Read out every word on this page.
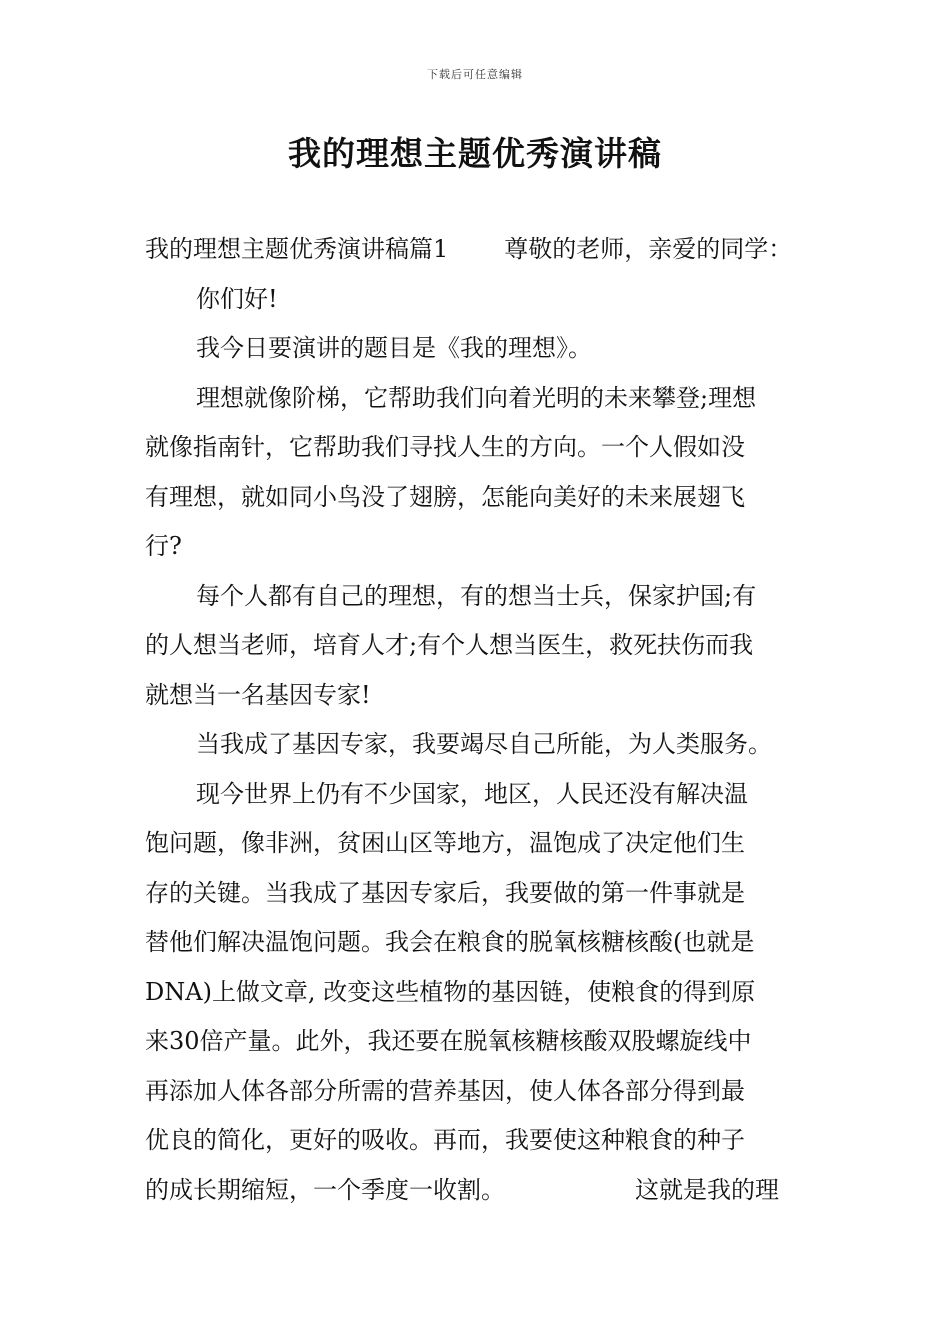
下载后可任意编辑
我的理想主题优秀演讲稿
我的理想主题优秀演讲稿篇1 尊敬的老师，亲爱的同学：
你们好!
我今日要演讲的题目是《我的理想》。
理想就像阶梯，它帮助我们向着光明的未来攀登;理想
就像指南针，它帮助我们寻找人生的方向。一个人假如没
有理想，就如同小鸟没了翅膀，怎能向美好的未来展翅飞
行?
每个人都有自己的理想，有的想当士兵，保家护国;有
的人想当老师，培育人才;有个人想当医生，救死扶伤而我
就想当一名基因专家!
当我成了基因专家，我要竭尽自己所能，为人类服务。
现今世界上仍有不少国家，地区，人民还没有解决温
饱问题，像非洲，贫困山区等地方，温饱成了决定他们生
存的关键。当我成了基因专家后，我要做的第一件事就是
替他们解决温饱问题。我会在粮食的脱氧核糖核酸(也就是
DNA)上做文章, 改变这些植物的基因链，使粮食的得到原
来30倍产量。此外，我还要在脱氧核糖核酸双股螺旋线中
再添加人体各部分所需的营养基因，使人体各部分得到最
优良的简化，更好的吸收。再而，我要使这种粮食的种子
的成长期缩短，一个季度一收割。	这就是我的理
